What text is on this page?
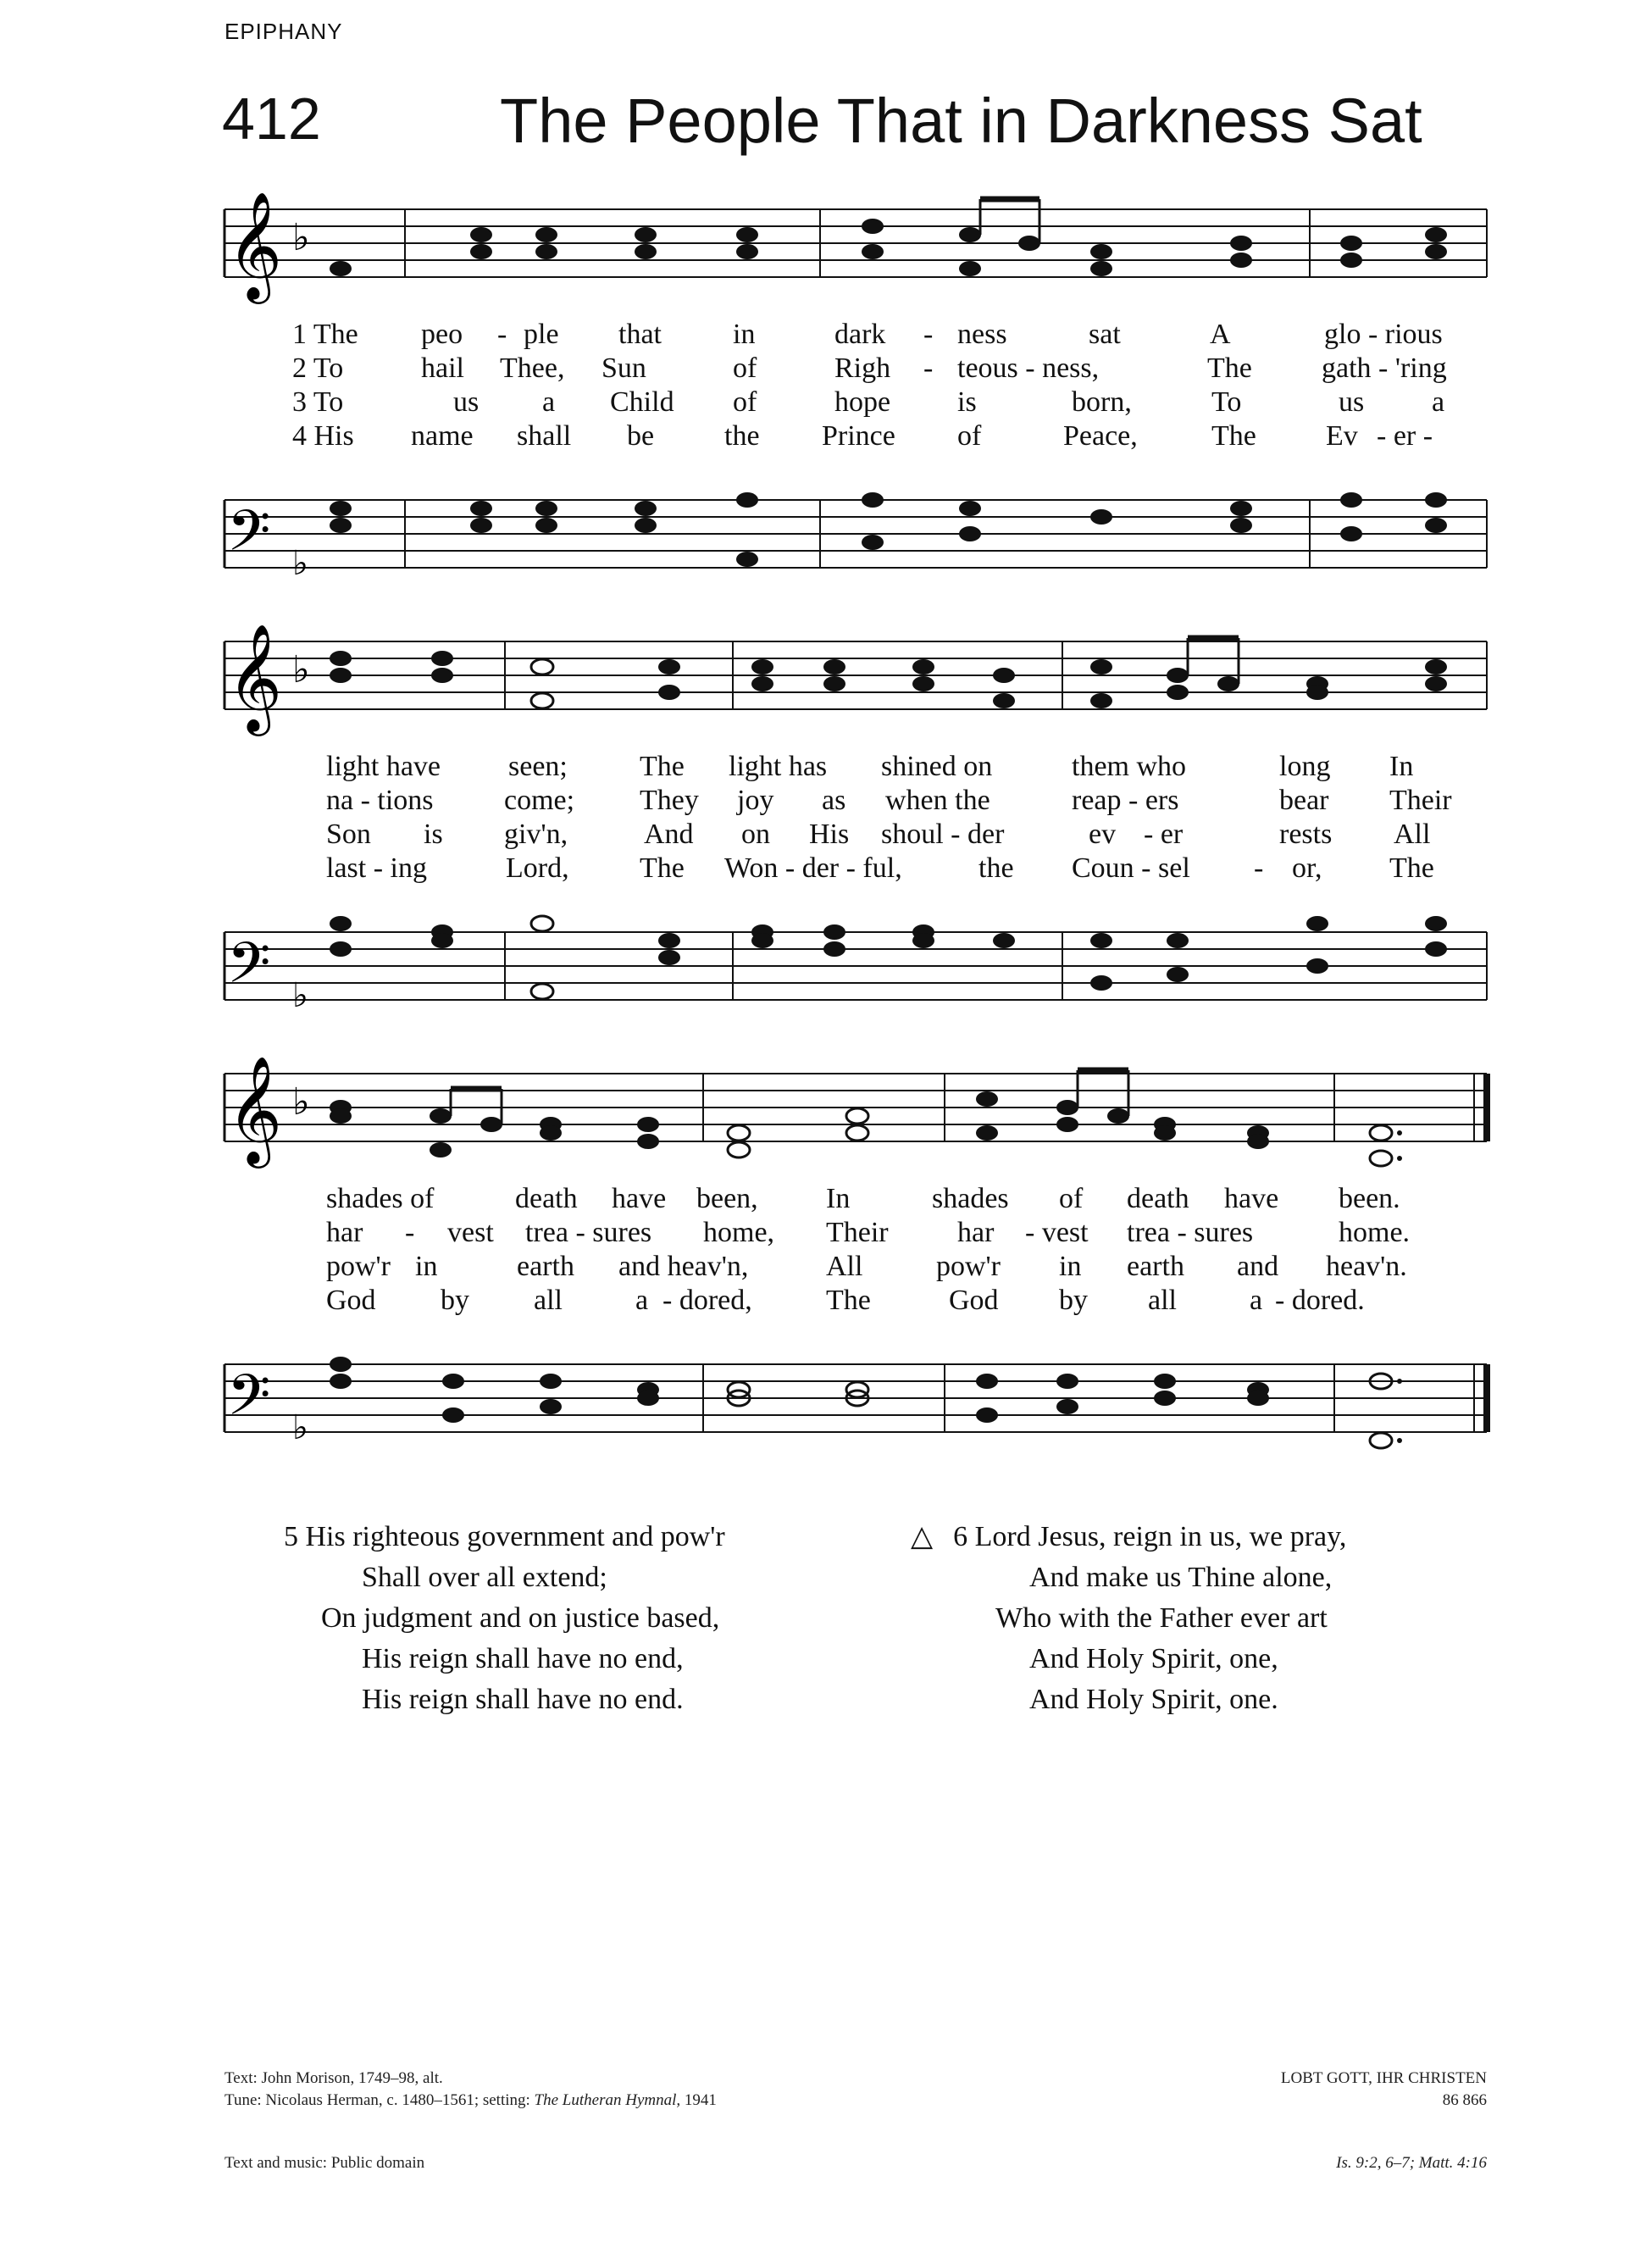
EPIPHANY
412	The People That in Darkness Sat
𝄞 ♭
1 The peo - ple that in	dark - ness	sat	A	glo - rious
2 To	hail Thee, Sun	of	Righ - teous - ness,	The gath - 'ring
3 To	us a Child of	hope is	born,	To	us a
4 His name shall be the Prince of	Peace,	The Ev - er -
𝄢 ♭
𝄞 ♭
light have seen;	The light has shined on	them who	long In
na - tions come; They joy as when the	reap - ers	bear Their
Son is giv'n,	And on His shoul - der	ev - er	rests All
last - ing	Lord, The Won - der - ful,	the Coun - sel - or, The
𝄢 ♭
𝄞 ♭
shades of	death have been, In	shades of death have been.
har - vest trea - sures home, Their har - vest trea - sures	home.
pow'r in	earth and heav'n,	All	pow'r in earth and heav'n.
God by all	a - dored,	The	God by all	a - dored.
𝄢 ♭
5 His righteous government and pow'r
Shall over all extend;
On judgment and on justice based,
His reign shall have no end,
His reign shall have no end.
△ 6 Lord Jesus, reign in us, we pray,
And make us Thine alone,
Who with the Father ever art
And Holy Spirit, one,
And Holy Spirit, one.
Text: John Morison, 1749–98, alt.
Tune: Nicolaus Herman, c. 1480–1561; setting: The Lutheran Hymnal, 1941
LOBT GOTT, IHR CHRISTEN
86 866
Text and music: Public domain	Is. 9:2, 6–7; Matt. 4:16
